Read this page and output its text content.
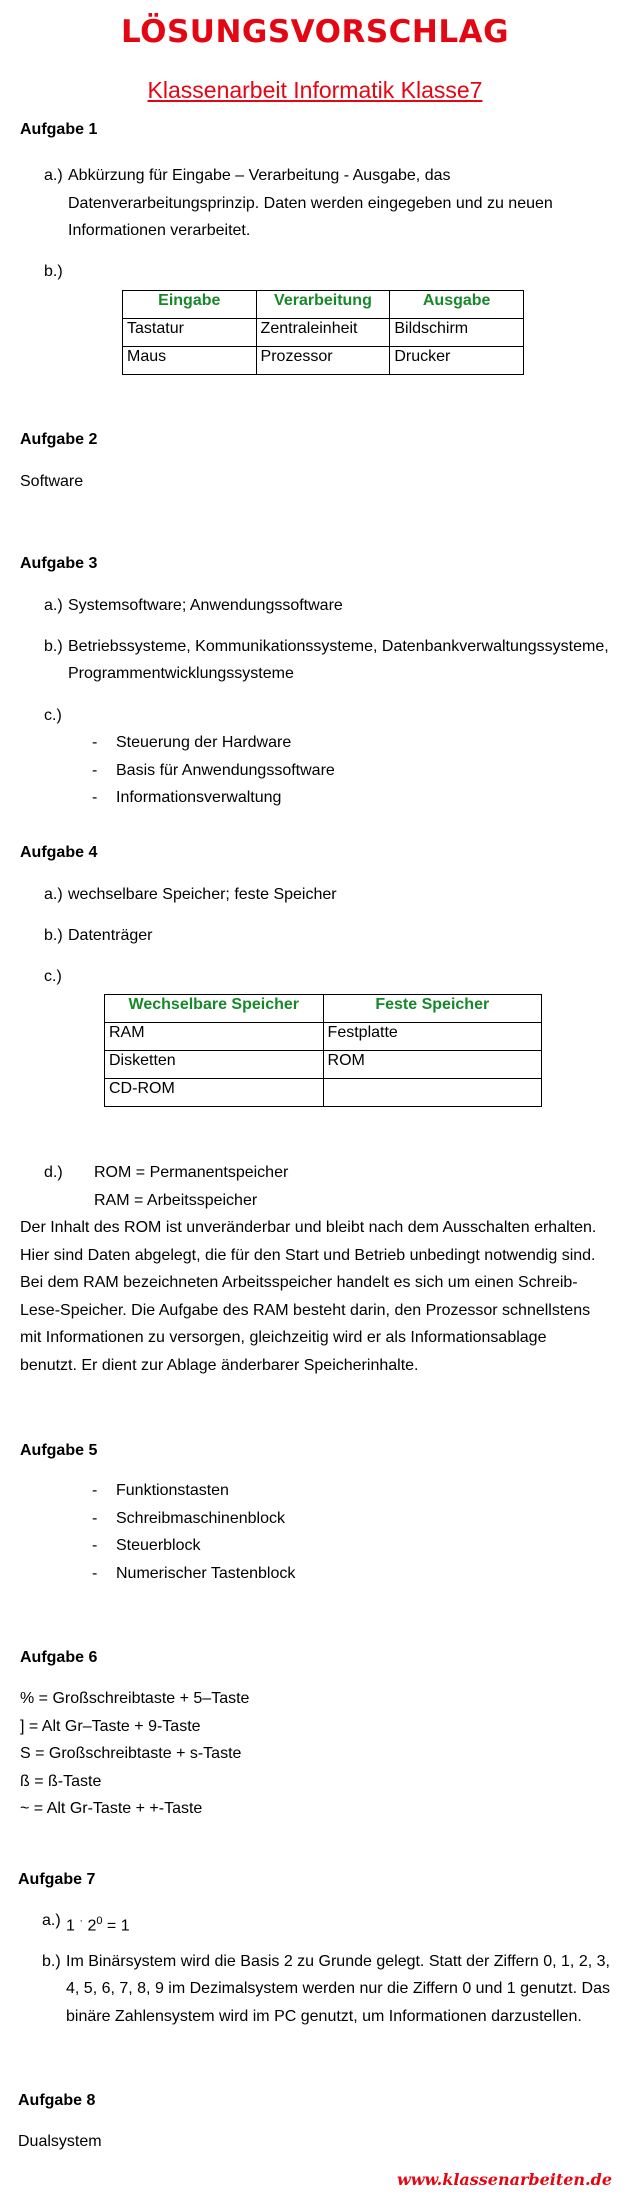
LÖSUNGSVORSCHLAG
Klassenarbeit Informatik Klasse7
Aufgabe 1
a.) Abkürzung für Eingabe – Verarbeitung - Ausgabe, das
Datenverarbeitungsprinzip. Daten werden eingegeben und zu neuen
Informationen verarbeitet.
b.)
Eingabe	Verarbeitung	Ausgabe
Tastatur	Zentraleinheit	Bildschirm
Maus	Prozessor	Drucker
Aufgabe 2
Software
Aufgabe 3
a.) Systemsoftware; Anwendungssoftware
b.) Betriebssysteme, Kommunikationssysteme, Datenbankverwaltungssysteme,
Programmentwicklungssysteme
c.)
- Steuerung der Hardware
- Basis für Anwendungssoftware
- Informationsverwaltung
Aufgabe 4
a.) wechselbare Speicher; feste Speicher
b.) Datenträger
c.)
Wechselbare Speicher	Feste Speicher
RAM	Festplatte
Disketten	ROM
CD-ROM	
d.) ROM = Permanentspeicher
RAM = Arbeitsspeicher
Der Inhalt des ROM ist unveränderbar und bleibt nach dem Ausschalten erhalten.
Hier sind Daten abgelegt, die für den Start und Betrieb unbedingt notwendig sind.
Bei dem RAM bezeichneten Arbeitsspeicher handelt es sich um einen Schreib-
Lese-Speicher. Die Aufgabe des RAM besteht darin, den Prozessor schnellstens
mit Informationen zu versorgen, gleichzeitig wird er als Informationsablage
benutzt. Er dient zur Ablage änderbarer Speicherinhalte.
Aufgabe 5
- Funktionstasten
- Schreibmaschinenblock
- Steuerblock
- Numerischer Tastenblock
Aufgabe 6
% = Großschreibtaste + 5–Taste
] = Alt Gr–Taste + 9-Taste
S = Großschreibtaste + s-Taste
ß = ß-Taste
~ = Alt Gr-Taste + +-Taste
Aufgabe 7
a.) 1 · $2^0 = 1$
b.) Im Binärsystem wird die Basis 2 zu Grunde gelegt. Statt der Ziffern 0, 1, 2, 3,
4, 5, 6, 7, 8, 9 im Dezimalsystem werden nur die Ziffern 0 und 1 genutzt. Das
binäre Zahlensystem wird im PC genutzt, um Informationen darzustellen.
Aufgabe 8
Dualsystem
www.klassenarbeiten.de
